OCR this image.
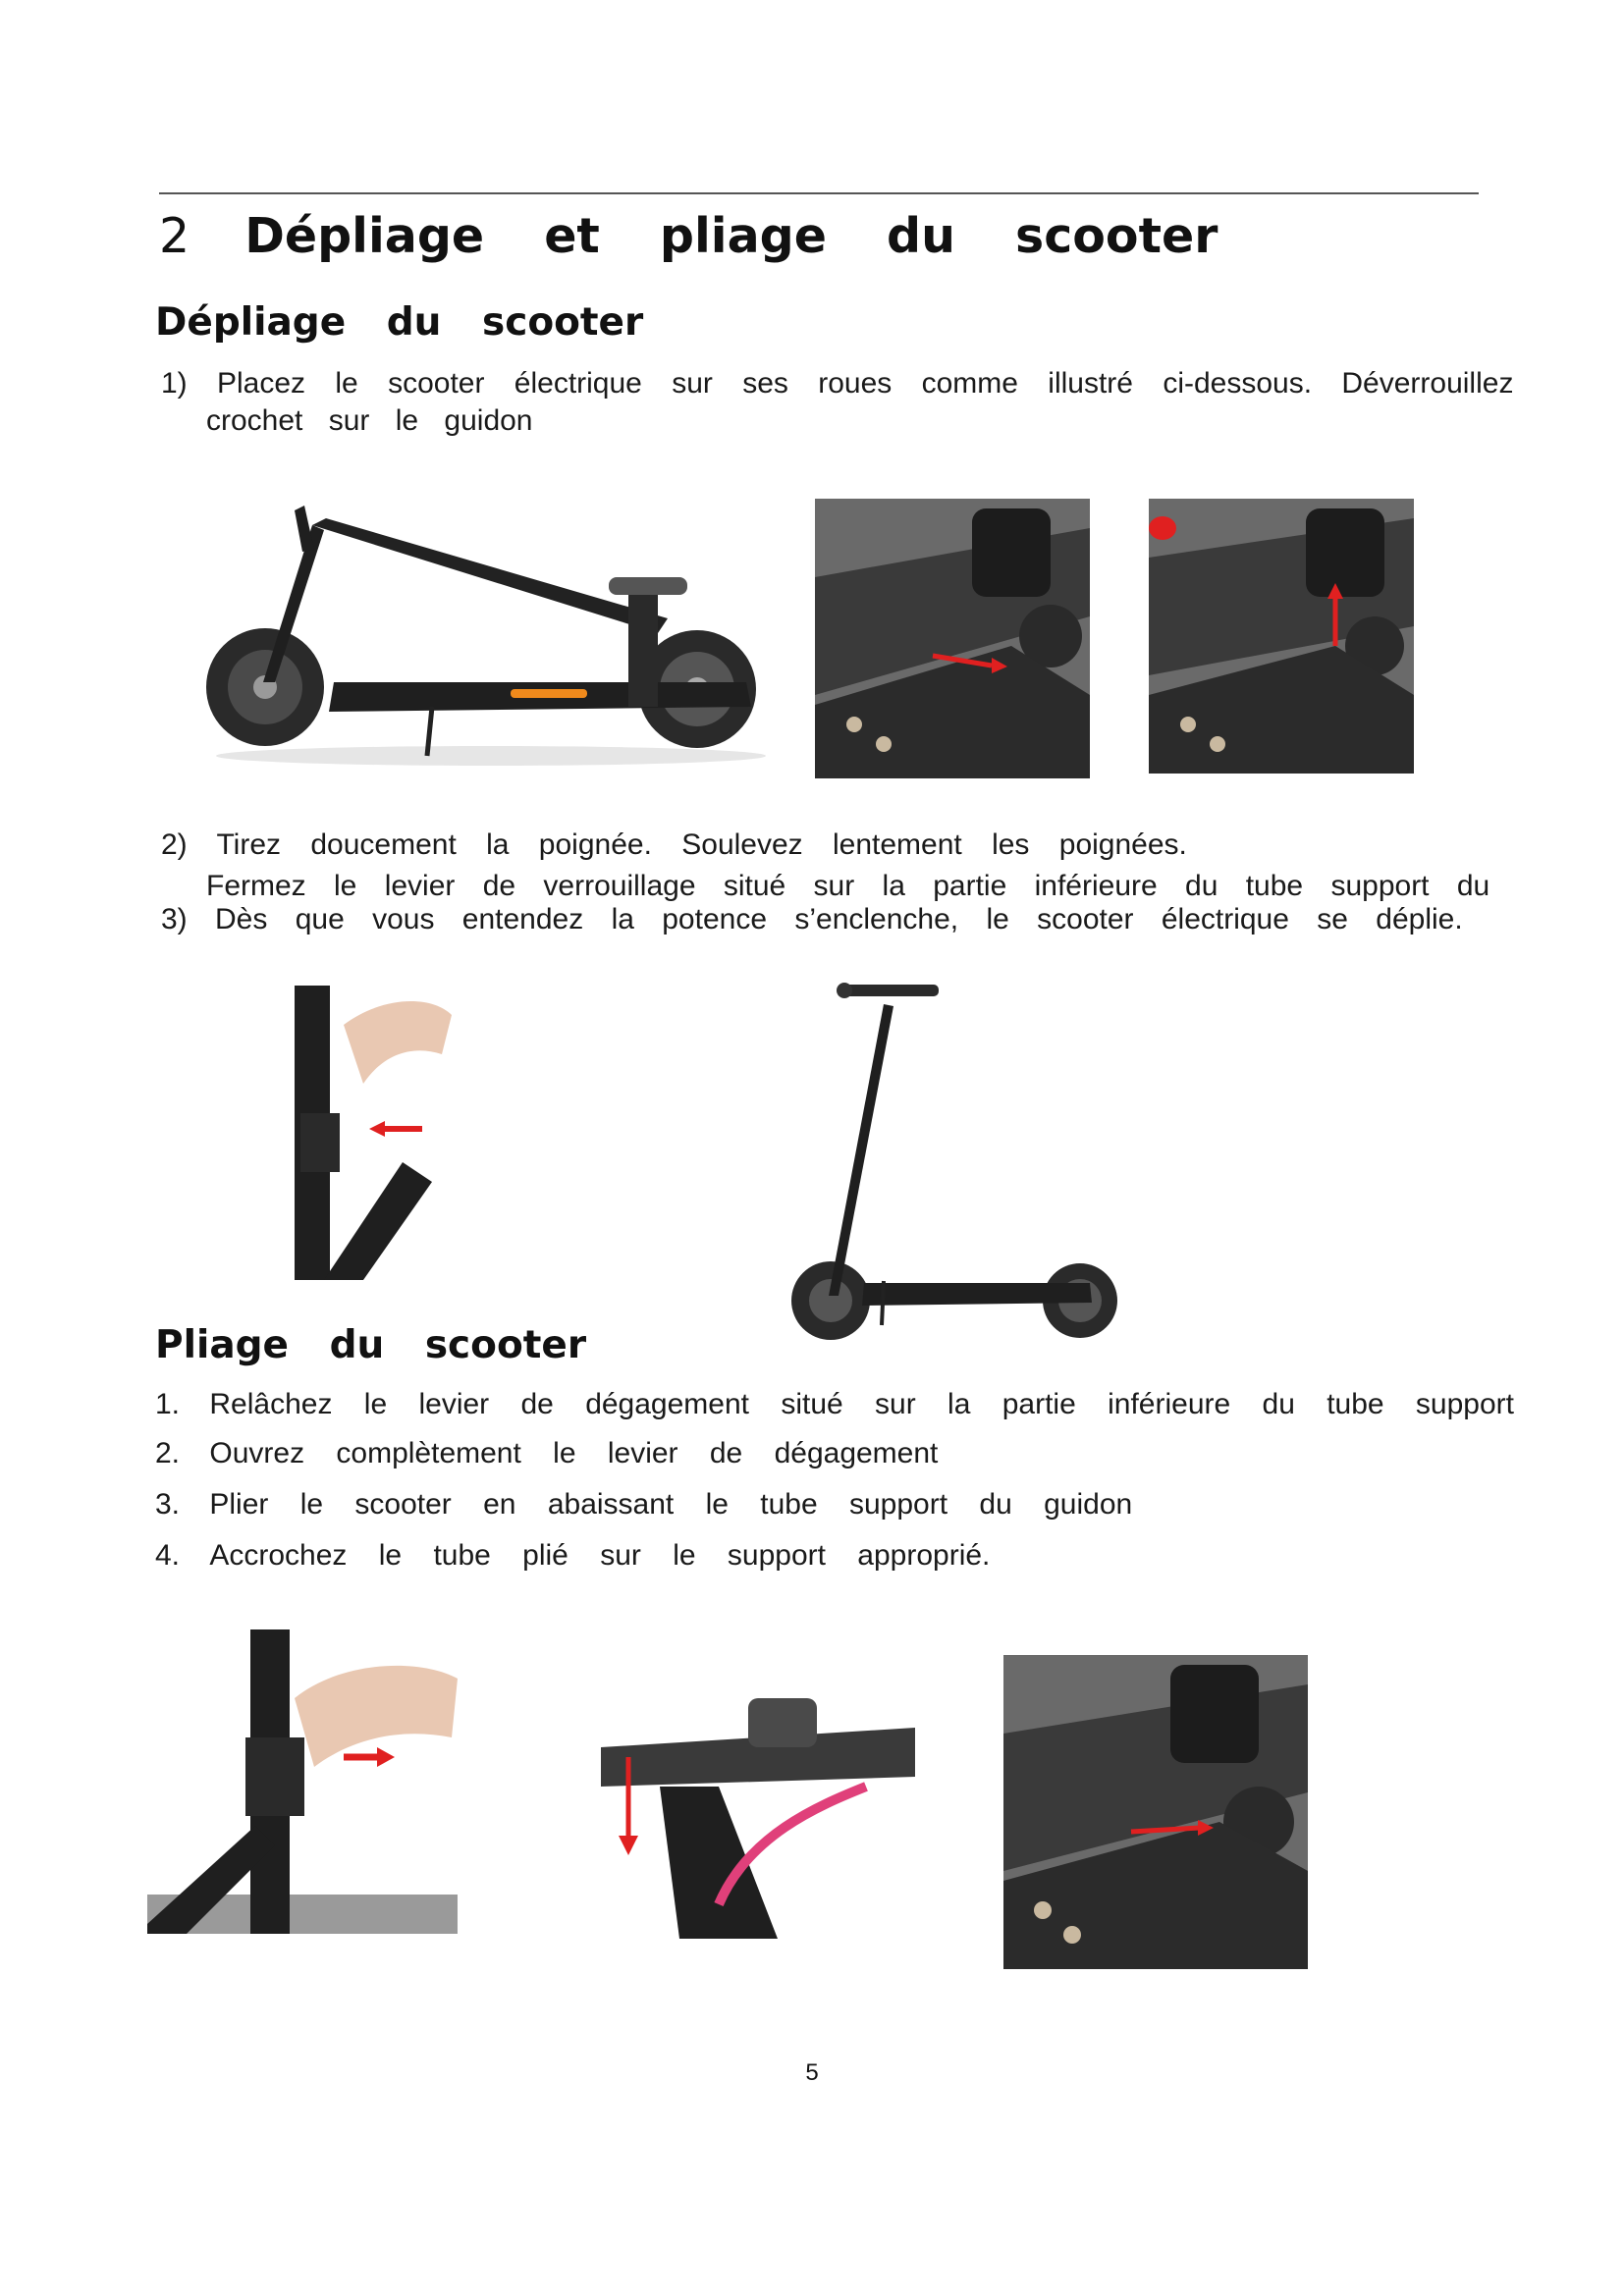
2 Dépliage et pliage du scooter
Dépliage du scooter
1) Placez le scooter électrique sur ses roues comme illustré ci-dessous. Déverrouillez
crochet sur le guidon
2) Tirez doucement la poignée. Soulevez lentement les poignées.
Fermez le levier de verrouillage situé sur la partie inférieure du tube support du
3) Dès que vous entendez la potence s’enclenche, le scooter électrique se déplie.
Pliage du scooter
1. Relâchez le levier de dégagement situé sur la partie inférieure du tube support
2. Ouvrez complètement le levier de dégagement
3. Plier le scooter en abaissant le tube support du guidon
4. Accrochez le tube plié sur le support approprié.
5
